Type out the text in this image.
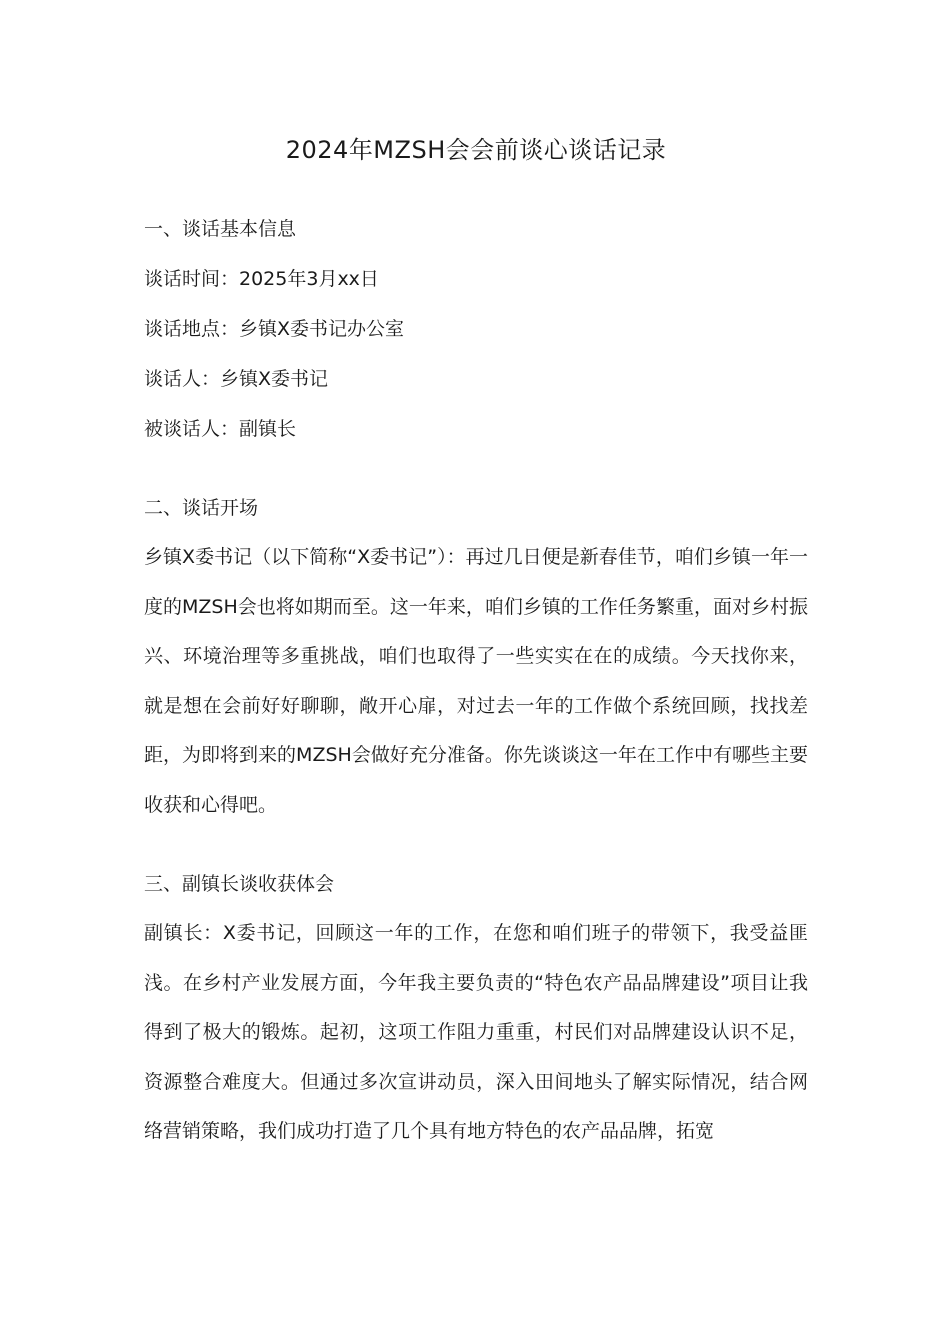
2024年MZSH会会前谈心谈话记录
一、谈话基本信息

谈话时间：2025年3月xx日

谈话地点：乡镇X委书记办公室

谈话人：乡镇X委书记

被谈话人：副镇长

二、谈话开场

乡镇X委书记（以下简称“X委书记”）：再过几日便是新春佳节，咱们乡镇一年一度的MZSH会也将如期而至。这一年来，咱们乡镇的工作任务繁重，面对乡村振兴、环境治理等多重挑战，咱们也取得了一些实实在在的成绩。今天找你来，就是想在会前好好聊聊，敞开心扉，对过去一年的工作做个系统回顾，找找差距，为即将到来的MZSH会做好充分准备。你先谈谈这一年在工作中有哪些主要收获和心得吧。

三、副镇长谈收获体会

副镇长：X委书记，回顾这一年的工作，在您和咱们班子的带领下，我受益匪浅。在乡村产业发展方面，今年我主要负责的“特色农产品品牌建设”项目让我得到了极大的锻炼。起初，这项工作阻力重重，村民们对品牌建设认识不足，资源整合难度大。但通过多次宣讲动员，深入田间地头了解实际情况，结合网络营销策略，我们成功打造了几个具有地方特色的农产品品牌，拓宽
